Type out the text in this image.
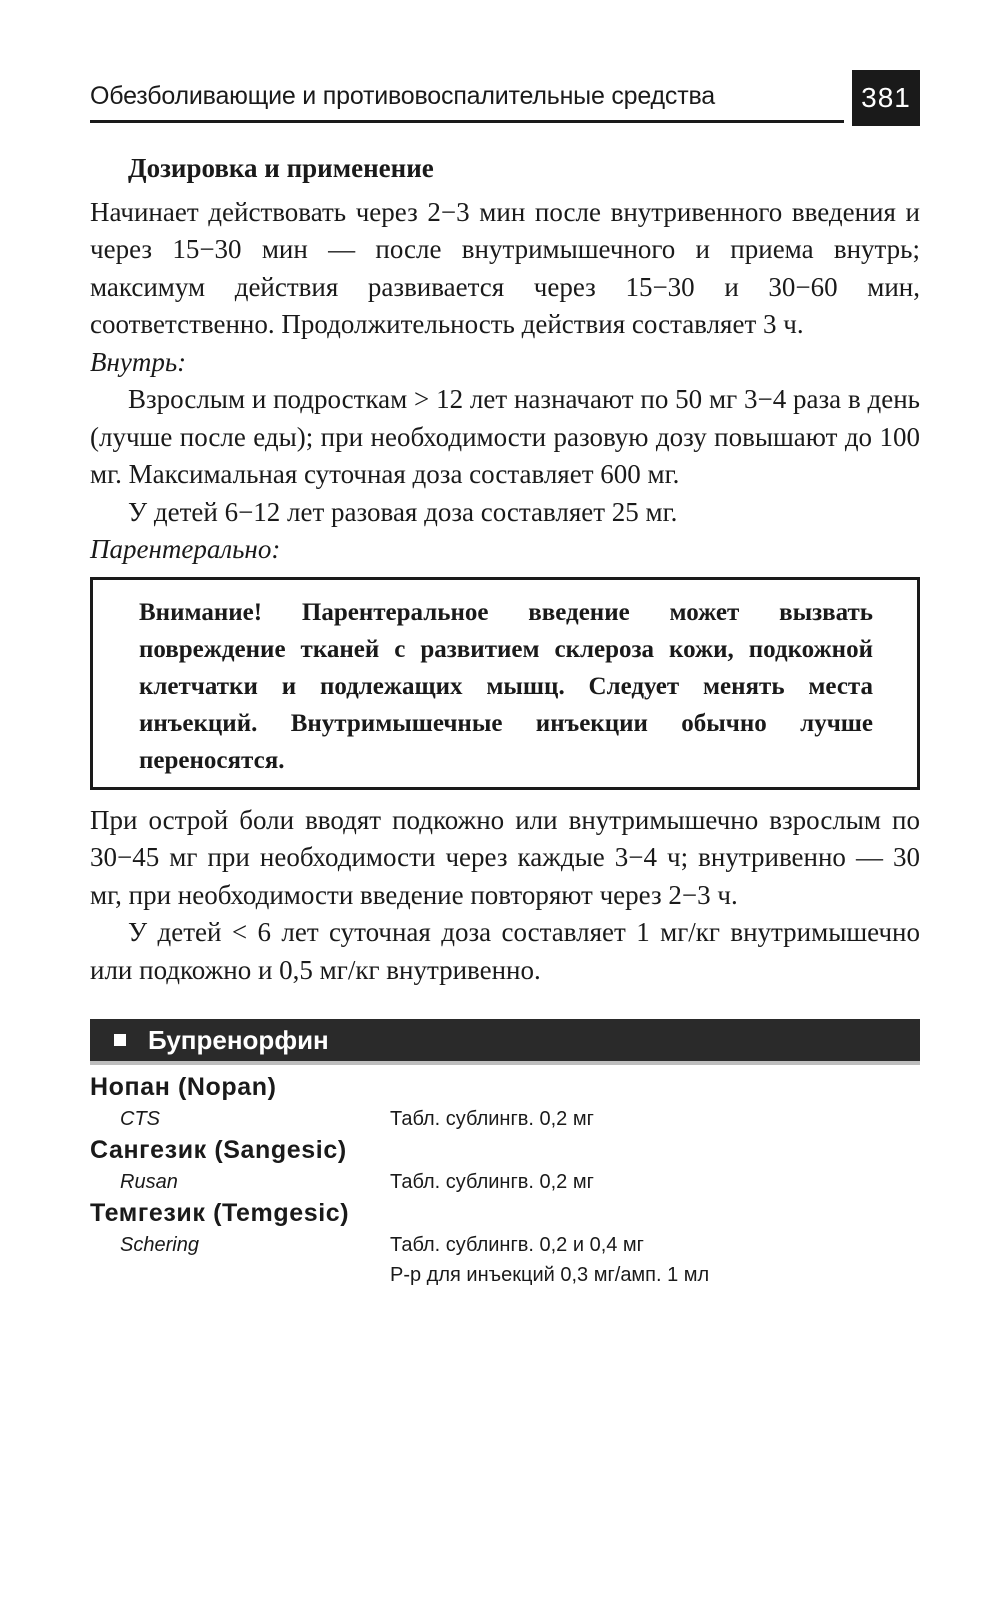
Обезболивающие и противовоспалительные средства	381
Дозировка и применение

Начинает действовать через 2−3 мин после внутривенного введения и через 15−30 мин — после внутримышечного и приема внутрь; максимум действия развивается через 15−30 и 30−60 мин, соответственно. Продолжительность действия составляет 3 ч.

Внутрь:

Взрослым и подросткам > 12 лет назначают по 50 мг 3−4 раза в день (лучше после еды); при необходимости разовую дозу повышают до 100 мг. Максимальная суточная доза составляет 600 мг.

У детей 6−12 лет разовая доза составляет 25 мг.

Парентерально:

Внимание! Парентеральное введение может вызвать повреждение тканей с развитием склероза кожи, подкожной клетчатки и подлежащих мышц. Следует менять места инъекций. Внутримышечные инъекции обычно лучше переносятся.

При острой боли вводят подкожно или внутримышечно взрослым по 30−45 мг при необходимости через каждые 3−4 ч; внутривенно — 30 мг, при необходимости введение повторяют через 2−3 ч.

У детей < 6 лет суточная доза составляет 1 мг/кг внутримышечно или подкожно и 0,5 мг/кг внутривенно.

Бупренорфин
Нопан (Nopan)
CTS	Табл. сублингв. 0,2 мг
Сангезик (Sangesic)
Rusan	Табл. сублингв. 0,2 мг
Темгезик (Temgesic)
Schering	Табл. сублингв. 0,2 и 0,4 мг
Р-р для инъекций 0,3 мг/амп. 1 мл
